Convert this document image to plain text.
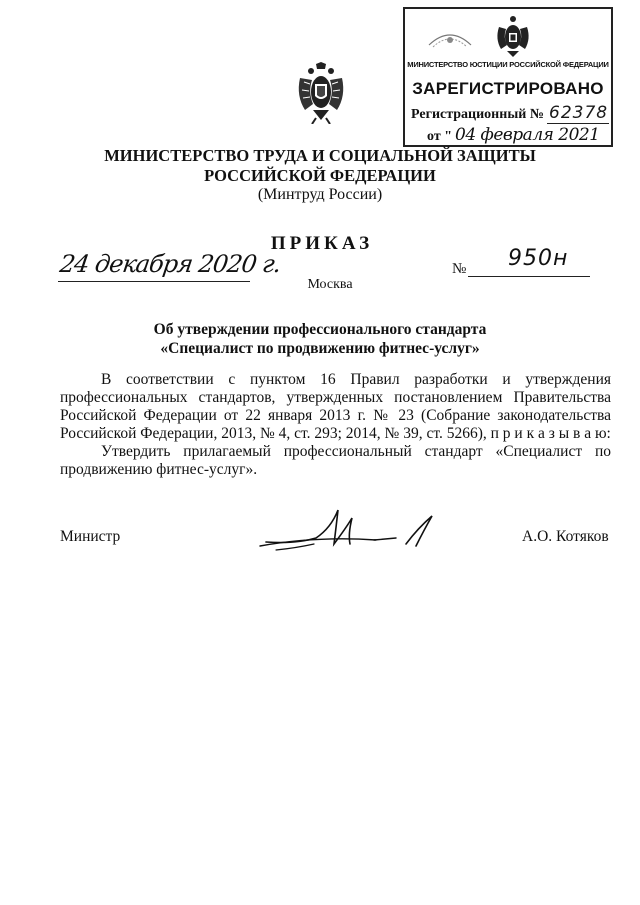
МИНИСТЕРСТВО ЮСТИЦИИ РОССИЙСКОЙ ФЕДЕРАЦИИ
ЗАРЕГИСТРИРОВАНО
Регистрационный № 62378
от " 04 февраля 2021
МИНИСТЕРСТВО ТРУДА И СОЦИАЛЬНОЙ ЗАЩИТЫ
РОССИЙСКОЙ ФЕДЕРАЦИИ
(Минтруд России)
ПРИКАЗ
24 декабря 2020 г.	№ 950н
Москва
Об утверждении профессионального стандарта
«Специалист по продвижению фитнес-услуг»
В соответствии с пунктом 16 Правил разработки и утверждения
профессиональных стандартов, утвержденных постановлением Правительства
Российской Федерации от 22 января 2013 г. № 23 (Собрание законодательства
Российской Федерации, 2013, № 4, ст. 293; 2014, № 39, ст. 5266), п р и к а з ы в а ю:
Утвердить прилагаемый профессиональный стандарт «Специалист по
продвижению фитнес-услуг».
Министр	А.О. Котяков
